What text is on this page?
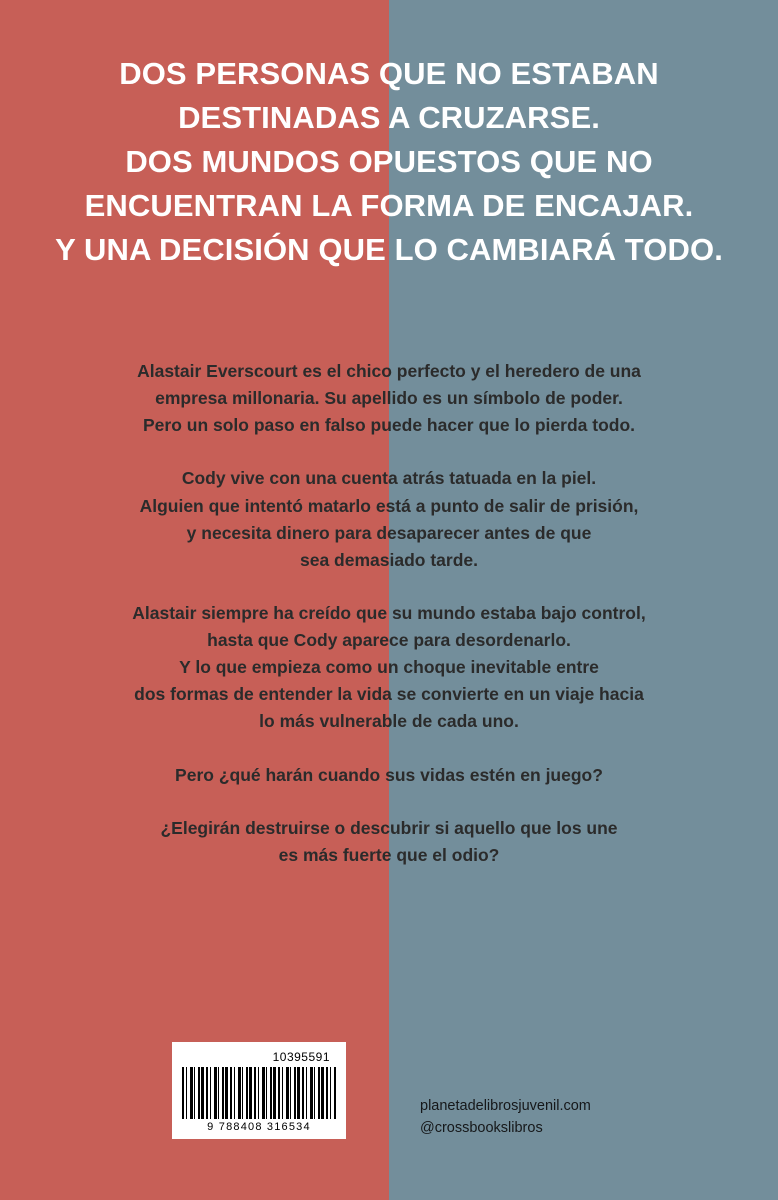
DOS PERSONAS QUE NO ESTABAN
DESTINADAS A CRUZARSE.
DOS MUNDOS OPUESTOS QUE NO
ENCUENTRAN LA FORMA DE ENCAJAR.
Y UNA DECISIÓN QUE LO CAMBIARÁ TODO.

Alastair Everscourt es el chico perfecto y el heredero de una
empresa millonaria. Su apellido es un símbolo de poder.
Pero un solo paso en falso puede hacer que lo pierda todo.

Cody vive con una cuenta atrás tatuada en la piel.
Alguien que intentó matarlo está a punto de salir de prisión,
y necesita dinero para desaparecer antes de que
sea demasiado tarde.

Alastair siempre ha creído que su mundo estaba bajo control,
hasta que Cody aparece para desordenarlo.
Y lo que empieza como un choque inevitable entre
dos formas de entender la vida se convierte en un viaje hacia
lo más vulnerable de cada uno.

Pero ¿qué harán cuando sus vidas estén en juego?

¿Elegirán destruirse o descubrir si aquello que los une
es más fuerte que el odio?

10395591
9 788408 316534
planetadelibrosjuvenil.com
@crossbookslibros
